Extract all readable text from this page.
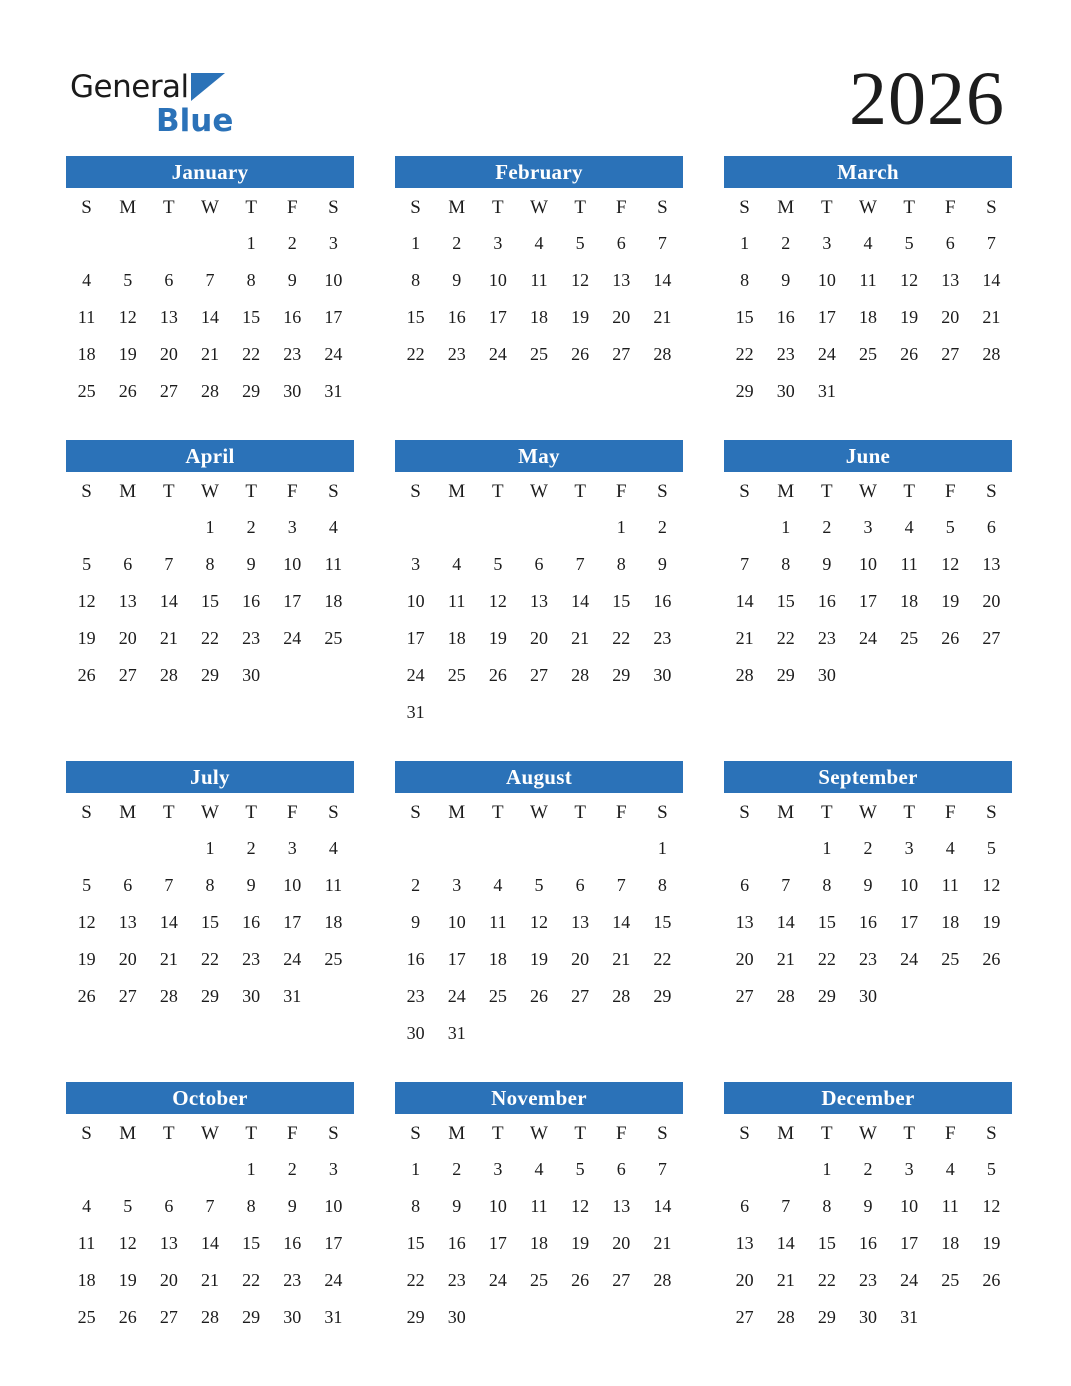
General
Blue	2026
January
S	M	T	W	T	F	S
				1	2	3
4	5	6	7	8	9	10
11	12	13	14	15	16	17
18	19	20	21	22	23	24
25	26	27	28	29	30	31
February
S	M	T	W	T	F	S
1	2	3	4	5	6	7
8	9	10	11	12	13	14
15	16	17	18	19	20	21
22	23	24	25	26	27	28
March
S	M	T	W	T	F	S
1	2	3	4	5	6	7
8	9	10	11	12	13	14
15	16	17	18	19	20	21
22	23	24	25	26	27	28
29	30	31				
April
S	M	T	W	T	F	S
			1	2	3	4
5	6	7	8	9	10	11
12	13	14	15	16	17	18
19	20	21	22	23	24	25
26	27	28	29	30		
May
S	M	T	W	T	F	S
					1	2
3	4	5	6	7	8	9
10	11	12	13	14	15	16
17	18	19	20	21	22	23
24	25	26	27	28	29	30
31						
June
S	M	T	W	T	F	S
	1	2	3	4	5	6
7	8	9	10	11	12	13
14	15	16	17	18	19	20
21	22	23	24	25	26	27
28	29	30				
July
S	M	T	W	T	F	S
			1	2	3	4
5	6	7	8	9	10	11
12	13	14	15	16	17	18
19	20	21	22	23	24	25
26	27	28	29	30	31	
August
S	M	T	W	T	F	S
						1
2	3	4	5	6	7	8
9	10	11	12	13	14	15
16	17	18	19	20	21	22
23	24	25	26	27	28	29
30	31					
September
S	M	T	W	T	F	S
		1	2	3	4	5
6	7	8	9	10	11	12
13	14	15	16	17	18	19
20	21	22	23	24	25	26
27	28	29	30			
October
S	M	T	W	T	F	S
				1	2	3
4	5	6	7	8	9	10
11	12	13	14	15	16	17
18	19	20	21	22	23	24
25	26	27	28	29	30	31
November
S	M	T	W	T	F	S
1	2	3	4	5	6	7
8	9	10	11	12	13	14
15	16	17	18	19	20	21
22	23	24	25	26	27	28
29	30					
December
S	M	T	W	T	F	S
		1	2	3	4	5
6	7	8	9	10	11	12
13	14	15	16	17	18	19
20	21	22	23	24	25	26
27	28	29	30	31		
